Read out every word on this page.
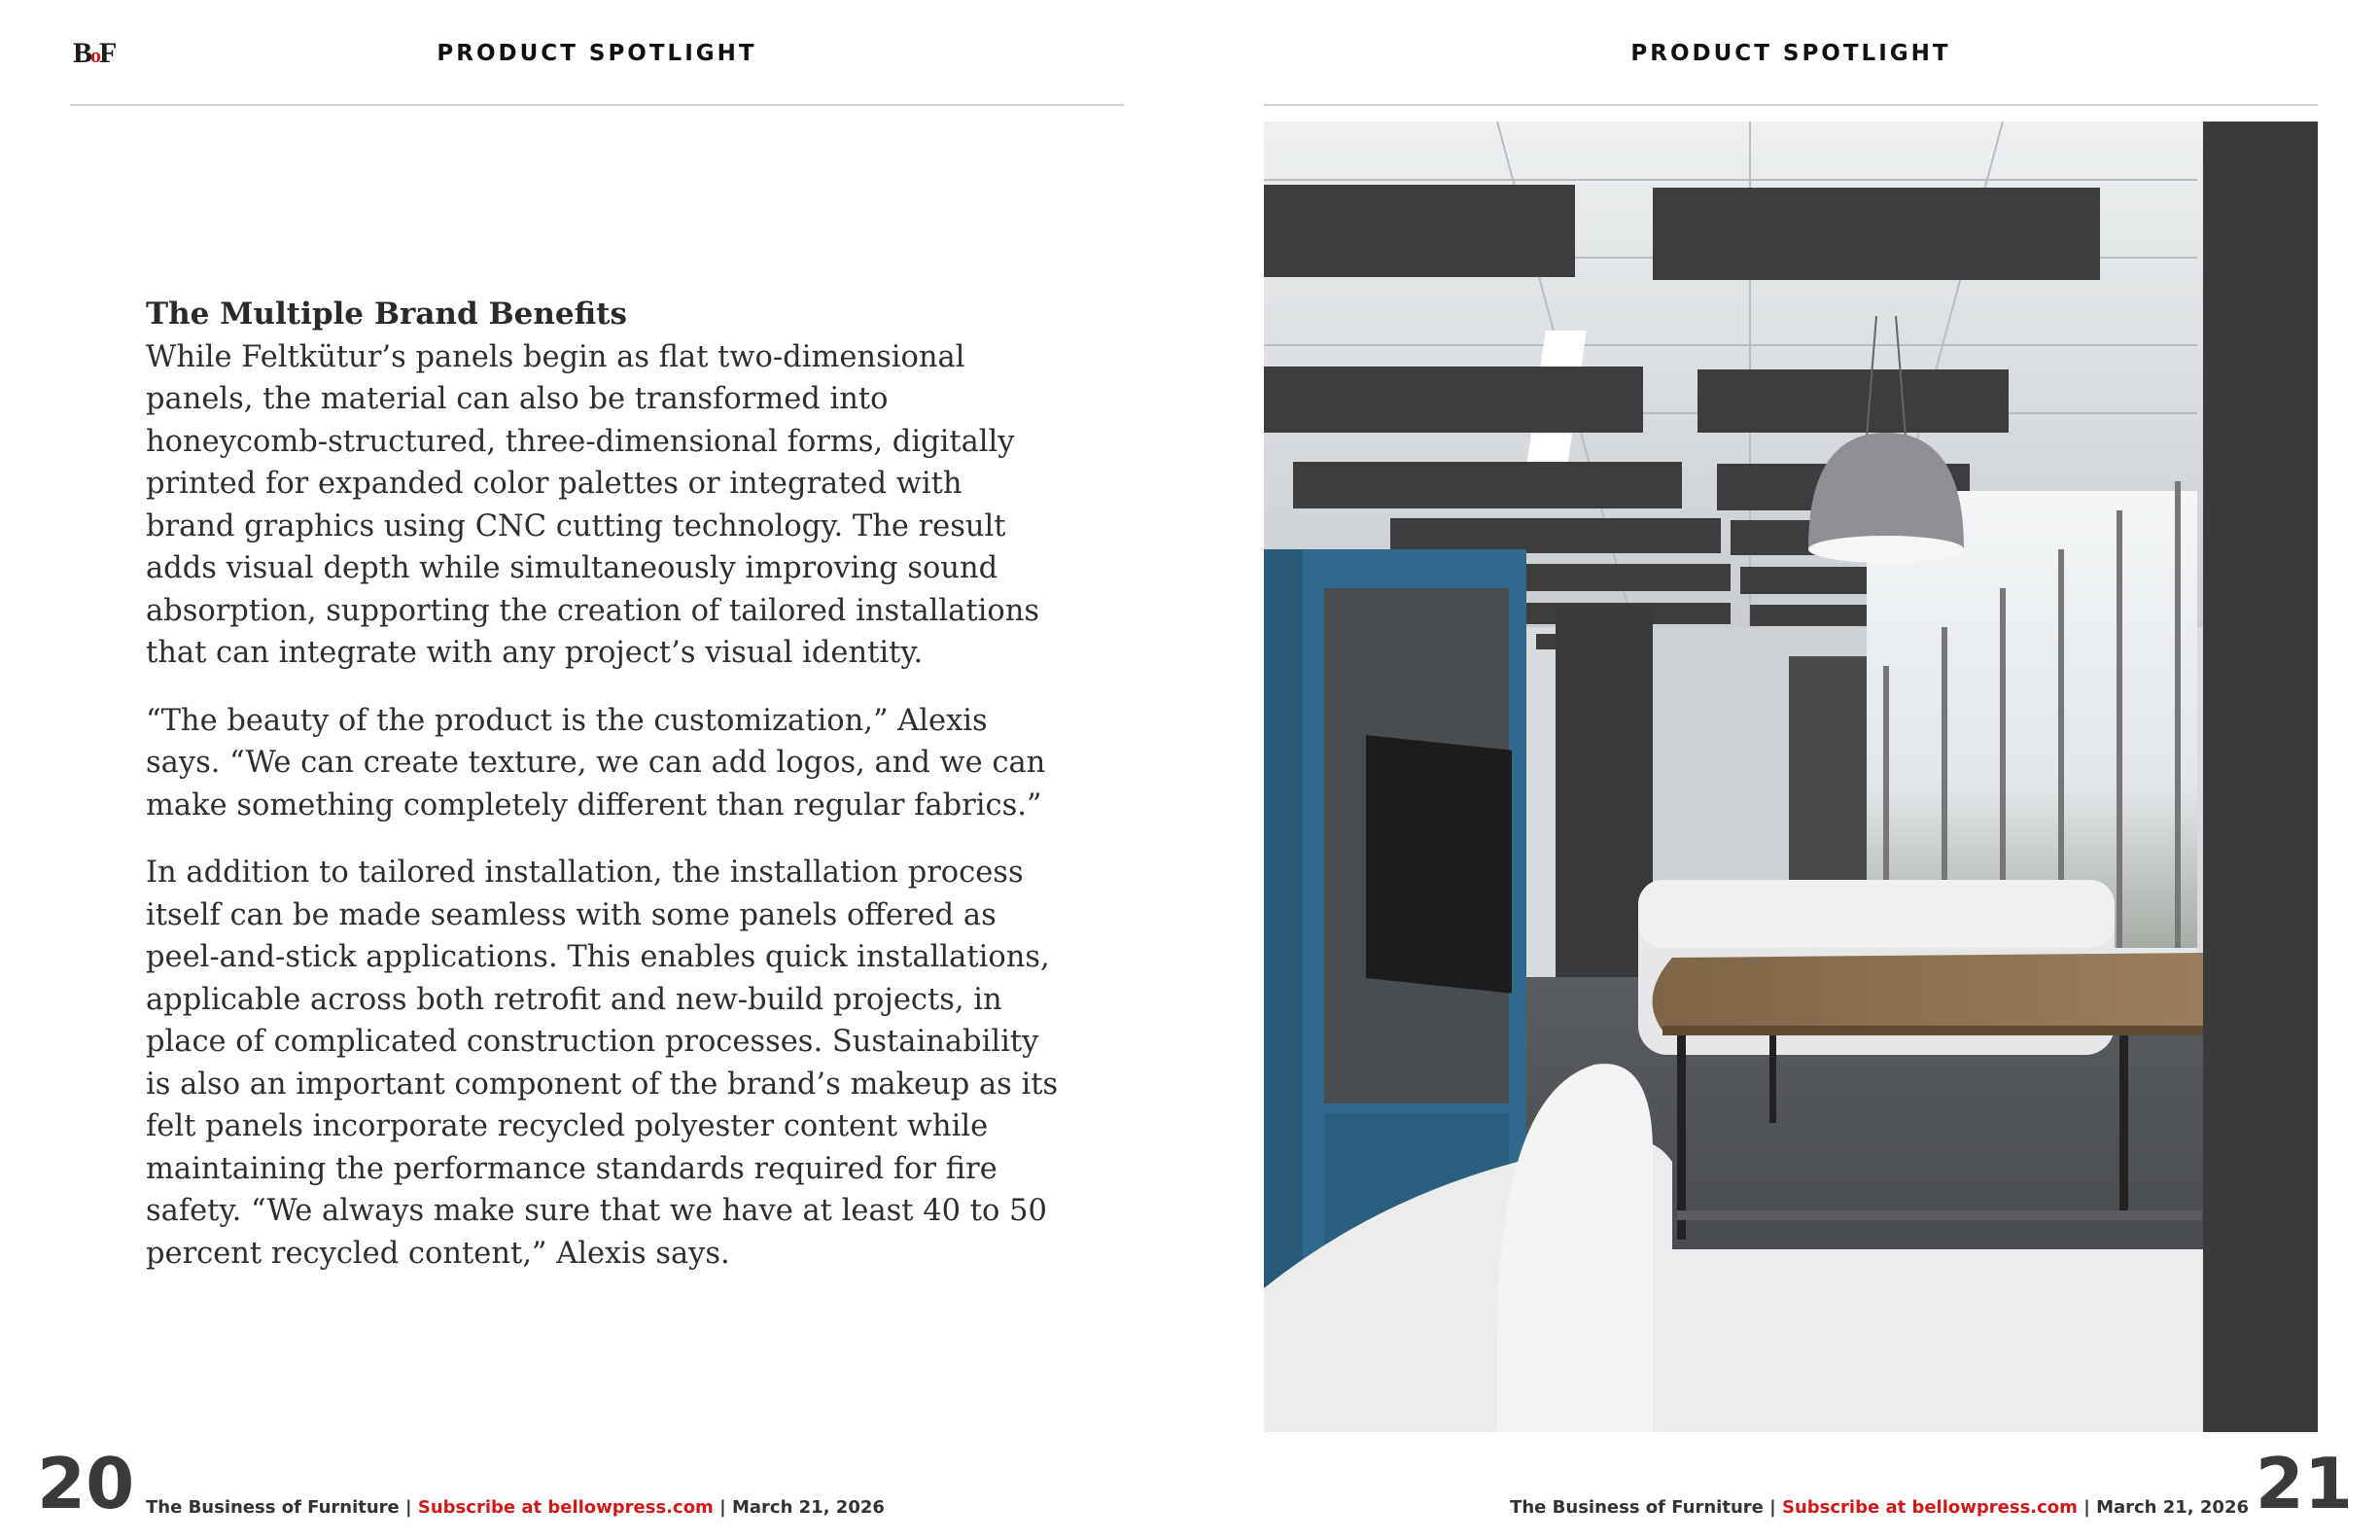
BoF	PRODUCT SPOTLIGHT	PRODUCT SPOTLIGHT
The Multiple Brand Benefits

While Feltkütur’s panels begin as flat two-dimensional panels, the material can also be transformed into honeycomb-structured, three-dimensional forms, digitally printed for expanded color palettes or integrated with brand graphics using CNC cutting technology. The result adds visual depth while simultaneously improving sound absorption, supporting the creation of tailored installations that can integrate with any project’s visual identity.

“The beauty of the product is the customization,” Alexis says. “We can create texture, we can add logos, and we can make something completely different than regular fabrics.”

In addition to tailored installation, the installation process itself can be made seamless with some panels offered as peel-and-stick applications. This enables quick installations, applicable across both retrofit and new-build projects, in place of complicated construction processes. Sustainability is also an important component of the brand’s makeup as its felt panels incorporate recycled polyester content while maintaining the performance standards required for fire safety. “We always make sure that we have at least 40 to 50 percent recycled content,” Alexis says.

20 The Business of Furniture | Subscribe at bellowpress.com | March 21, 2026	The Business of Furniture | Subscribe at bellowpress.com | March 21, 2026 21
